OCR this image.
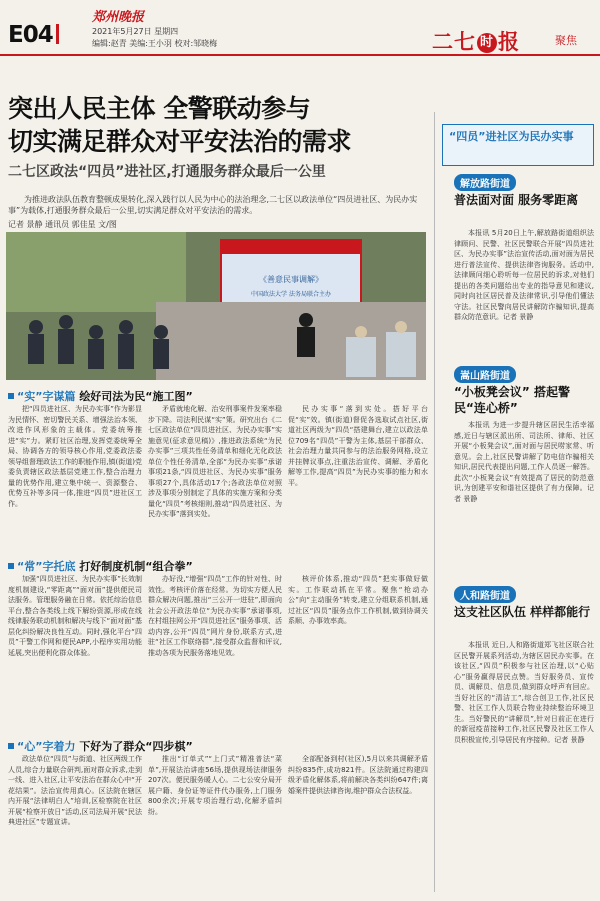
E04
郑州晚报
2021年5月27日 星期四
编辑:赵青 美编:王小羽 校对:邹晓梅	二七 时 报	聚焦
突出人民主体 全警联动参与
切实满足群众对平安法治的需求
二七区政法“四员”进社区,打通服务群众最后一公里
为推进政法队伍教育整顿成果转化,深入践行以人民为中心的法治理念,二七区以政法单位“四员进社区、为民办实事”为载体,打通服务群众最后一公里,切实满足群众对平安法治的需求。
记者 景静 通讯员 郭佳星 文/图
《善意民事调解》
中国政法大学 法务局联合主办
“实”字谋篇 绘好司法为民“施工图”
把“四员进社区、为民办实事”作为影显为民情怀、密切警民关系、增强法治本领、改进作风形象的主载体。党委统筹推进“实”力。紧盯社区治理,发挥党委统筹全局、协调各方的领导核心作用,党委政法委领导组督理政法工作的职能作用,镇(街道)党委负责辖区政法基层党建工作,整合治理力量的优势作用,建立集中统一、资源整合、优势互补等多同一体,推进“四员”进社区工作。
矛盾就地化解、治安刑事案件发案率稳步下降。司法利民谋“实”策。研究出台《二七区政法单位“四员进社区、为民办实事”实施意见(征求意见稿)》,推进政法系统“为民办实事”三项共性任务清单和细化无化政法单位个性任务清单,全部“为民办实事”承诺事项21条,“四员进社区、为民办实事”服务事项27个,具体活动17个;各政法单位对照涉及事项分别制定了具体的实施方案和分类量化“四员”考核细则,推动“四员进社区、为民办实事”落到实处。
民办实事“落到实处。搭好平台促“实”效。镇(街道)督促各选取试点社区,街道社区两级为“四员“搭建舞台,建立以政法单位709名“四员”干警为主体,基层干部群众、社会治理力量共同参与的法治服务网格,设立并挂牌议事点,注重法治宣传、调解、矛盾化解等工作,提高“四员”为民办实事的能力和水平。
“常”字托底 打好制度机制“组合拳”
加强“四员进社区、为民办实事”长效制度机制建设,“零距离”“面对面”提供便民司法服务。管理服务融在日常。依托综治信息平台,整合各类线上线下解纷资源,形成在线线律服务联动机制和解决与线下“面对面”基层化纠纷解决良性互动。同时,强化平台“四员”干警工作网和便民APP,小程序实用功能延展,突出便利化群众体验。
办好没,“增强“四员”工作的针对性、时效性。考核评价落在经常。为切实方便人民群众解决问题,推出“三公开一进驻”,即面向社会公开政法单位“为民办实事”承诺事项,在村组挂网公开“四员进社区”服务事项、活动内容,公开“四员”网片身份,联系方式,进驻“社区工作联络群”,接受群众监督和评议,推动各项为民服务落地见效。
核评价体系,推动“四员”把实事做好做实。工作联动抓在平常。聚焦“枪动办公”向“主动服务”转变,建立分组联系机制,通过社区“四员”服务点作工作机制,做到协调关系顺、办事效率高。
“心”字着力 下好为了群众“四步棋”
政法单位“四员”与街道、社区两级工作人员,综合力量联合研判,面对群众诉求,走到一线、进入社区,让平安法治在群众心中“开花结果”。法治宣传用真心。区法院在辖区内开展“法律明白人”培训,区检察院在社区开展“检察开放日”活动,区司法局开展“民法典进社区”专题宣讲。
推出“订单式”“上门式”精准普法“菜单”,开展法治讲座56场,提供现场法律服务207次。便民服务暖人心。二七公安分局开展户籍、身份证等证件代办服务,上门服务800余次;开展专项治理行动,化解矛盾纠纷。
全部配备到村(社区),5月以来共调解矛盾纠纷835件,成功821件。区法院通过构建四级矛盾化解体系,将前解决各类纠纷647件;离婚案件提供法律咨询,维护群众合法权益。
“四员”进社区为民办实事
解放路街道
普法面对面 服务零距离
本报讯 5月20日上午,解放路街道组织法律顾问、民警、社区民警联合开展“四员进社区、为民办实事”法治宣传活动,面对面为居民进行普法宣传、提供法律咨询服务。活动中,法律顾问细心聆听每一位居民的诉求,对他们提出的各类问题给出专业的指导意见和建议,同时向社区居民普及法律常识,引导他们懂法守法。社区民警向居民讲解防诈骗知识,提高群众防范意识。记者 景静
嵩山路街道
“小板凳会议” 搭起警民“连心桥”
本报讯 为进一步提升辖区居民生活幸福感,近日与辖区派出所、司法所、律师、社区开展“小板凳会议”,面对面与居民唠家常、听意见。会上,社区民警讲解了防电信诈骗相关知识,居民代表提出问题,工作人员逐一解答。此次“小板凳会议”有效提高了居民的防范意识,为创建平安和谐社区提供了有力保障。记者 景静
人和路街道
这支社区队伍 样样都能行
本报讯 近日,人和路街道郑飞社区联合社区民警开展系列活动,为辖区居民办实事。在该社区,“四员”积极参与社区治理,以“心贴心”服务赢得居民点赞。当好服务员、宣传员、调解员、信息员,做到群众呼声有回应。当好社区的“清洁工”,综合创卫工作,社区民警、社区工作人员联合物业持续整治环境卫生。当好警民的“讲解员”,针对日前正在进行的新冠疫苗接种工作,社区民警及社区工作人员积极宣传,引导居民有序接种。记者 景静
